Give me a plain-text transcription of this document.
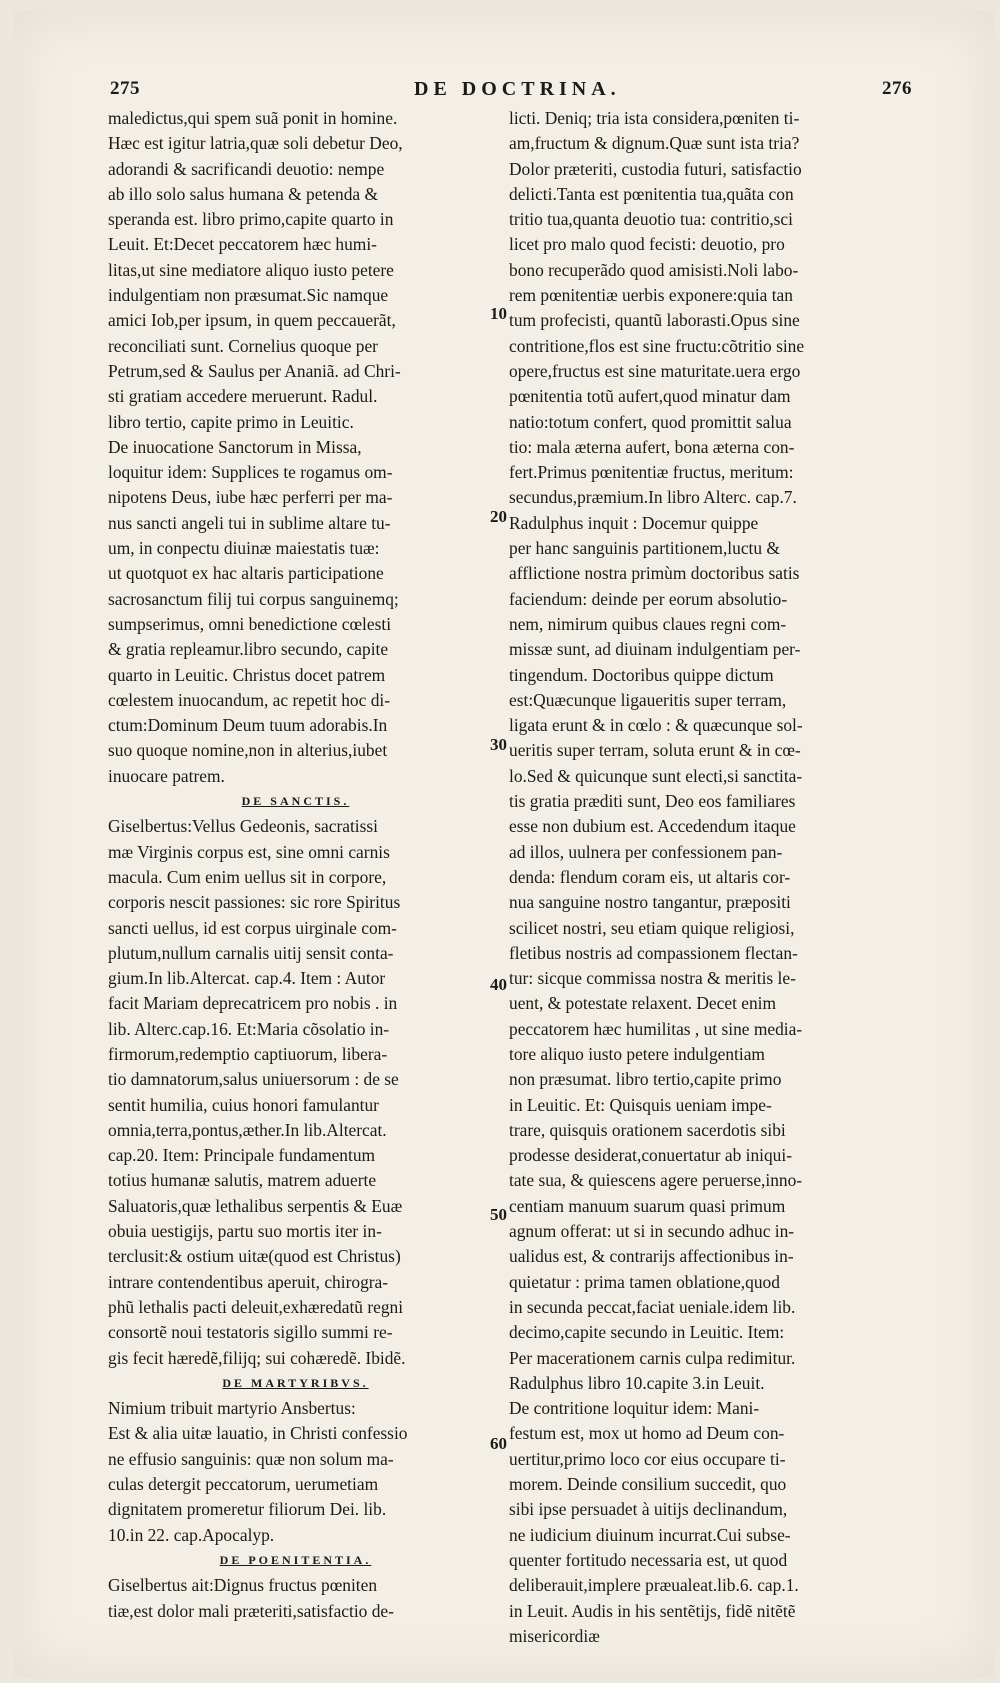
275	DE DOCTRINA.	276
maledictus,qui spem suã ponit in homine.
Hæc est igitur latria,quæ soli debetur Deo,
adorandi & sacrificandi deuotio: nempe
ab illo solo salus humana & petenda &
speranda est. libro primo,capite quarto in
Leuit. Et:Decet peccatorem hæc humi-
litas,ut sine mediatore aliquo iusto petere
indulgentiam non præsumat.Sic namque
amici Iob,per ipsum, in quem peccauerãt,
reconciliati sunt. Cornelius quoque per
Petrum,sed & Saulus per Ananiã. ad Chri-
sti gratiam accedere meruerunt. Radul.
libro tertio, capite primo in Leuitic.
De inuocatione Sanctorum in Missa,
loquitur idem: Supplices te rogamus om-
nipotens Deus, iube hæc perferri per ma-
nus sancti angeli tui in sublime altare tu-
um, in conpectu diuinæ maiestatis tuæ:
ut quotquot ex hac altaris participatione
sacrosanctum filij tui corpus sanguinemq;
sumpserimus, omni benedictione cœlesti
& gratia repleamur.libro secundo, capite
quarto in Leuitic. Christus docet patrem
cœlestem inuocandum, ac repetit hoc di-
ctum:Dominum Deum tuum adorabis.In
suo quoque nomine,non in alterius,iubet
inuocare patrem.
DE SANCTIS.
Giselbertus:Vellus Gedeonis, sacratissi
mæ Virginis corpus est, sine omni carnis
macula. Cum enim uellus sit in corpore,
corporis nescit passiones: sic rore Spiritus
sancti uellus, id est corpus uirginale com-
plutum,nullum carnalis uitij sensit conta-
gium.In lib.Altercat. cap.4. Item : Autor
facit Mariam deprecatricem pro nobis . in
lib. Alterc.cap.16. Et:Maria cõsolatio in-
firmorum,redemptio captiuorum, libera-
tio damnatorum,salus uniuersorum : de se
sentit humilia, cuius honori famulantur
omnia,terra,pontus,æther.In lib.Altercat.
cap.20. Item: Principale fundamentum
totius humanæ salutis, matrem aduerte
Saluatoris,quæ lethalibus serpentis & Euæ
obuia uestigijs, partu suo mortis iter in-
terclusit:& ostium uitæ(quod est Christus)
intrare contendentibus aperuit, chirogra-
phũ lethalis pacti deleuit,exhæredatũ regni
consortẽ noui testatoris sigillo summi re-
gis fecit hæredẽ,filijq; sui cohæredẽ. Ibidẽ.
DE MARTYRIBVS.
Nimium tribuit martyrio Ansbertus:
Est & alia uitæ lauatio, in Christi confessio
ne effusio sanguinis: quæ non solum ma-
culas detergit peccatorum, uerumetiam
dignitatem promeretur filiorum Dei. lib.
10.in 22. cap.Apocalyp.
DE POENITENTIA.
Giselbertus ait:Dignus fructus pœniten
tiæ,est dolor mali præteriti,satisfactio de-
licti. Deniq; tria ista considera,pœniten ti-
am,fructum & dignum.Quæ sunt ista tria?
Dolor præteriti, custodia futuri, satisfactio
delicti.Tanta est pœnitentia tua,quãta con
tritio tua,quanta deuotio tua: contritio,sci
licet pro malo quod fecisti: deuotio, pro
bono recuperãdo quod amisisti.Noli labo-
rem pœnitentiæ uerbis exponere:quia tan
tum profecisti, quantũ laborasti.Opus sine
contritione,flos est sine fructu:cõtritio sine
opere,fructus est sine maturitate.uera ergo
pœnitentia totũ aufert,quod minatur dam
natio:totum confert, quod promittit salua
tio: mala æterna aufert, bona æterna con-
fert.Primus pœnitentiæ fructus, meritum:
secundus,præmium.In libro Alterc. cap.7.
Radulphus inquit : Docemur quippe
per hanc sanguinis partitionem,luctu &
afflictione nostra primùm doctoribus satis
faciendum: deinde per eorum absolutio-
nem, nimirum quibus claues regni com-
missæ sunt, ad diuinam indulgentiam per-
tingendum. Doctoribus quippe dictum
est:Quæcunque ligaueritis super terram,
ligata erunt & in cœlo : & quæcunque sol-
ueritis super terram, soluta erunt & in cœ-
lo.Sed & quicunque sunt electi,si sanctita-
tis gratia præditi sunt, Deo eos familiares
esse non dubium est. Accedendum itaque
ad illos, uulnera per confessionem pan-
denda: flendum coram eis, ut altaris cor-
nua sanguine nostro tangantur, præpositi
scilicet nostri, seu etiam quique religiosi,
fletibus nostris ad compassionem flectan-
tur: sicque commissa nostra & meritis le-
uent, & potestate relaxent. Decet enim
peccatorem hæc humilitas , ut sine media-
tore aliquo iusto petere indulgentiam
non præsumat. libro tertio,capite primo
in Leuitic. Et: Quisquis ueniam impe-
trare, quisquis orationem sacerdotis sibi
prodesse desiderat,conuertatur ab iniqui-
tate sua, & quiescens agere peruerse,inno-
centiam manuum suarum quasi primum
agnum offerat: ut si in secundo adhuc in-
ualidus est, & contrarijs affectionibus in-
quietatur : prima tamen oblatione,quod
in secunda peccat,faciat ueniale.idem lib.
decimo,capite secundo in Leuitic. Item:
Per macerationem carnis culpa redimitur.
Radulphus libro 10.capite 3.in Leuit.
De contritione loquitur idem: Mani-
festum est, mox ut homo ad Deum con-
uertitur,primo loco cor eius occupare ti-
morem. Deinde consilium succedit, quo
sibi ipse persuadet à uitijs declinandum,
ne iudicium diuinum incurrat.Cui subse-
quenter fortitudo necessaria est, ut quod
deliberauit,implere præualeat.lib.6. cap.1.
in Leuit. Audis in his sentẽtijs, fidẽ nitẽtẽ
misericordiæ
10
20
30
40
50
60
